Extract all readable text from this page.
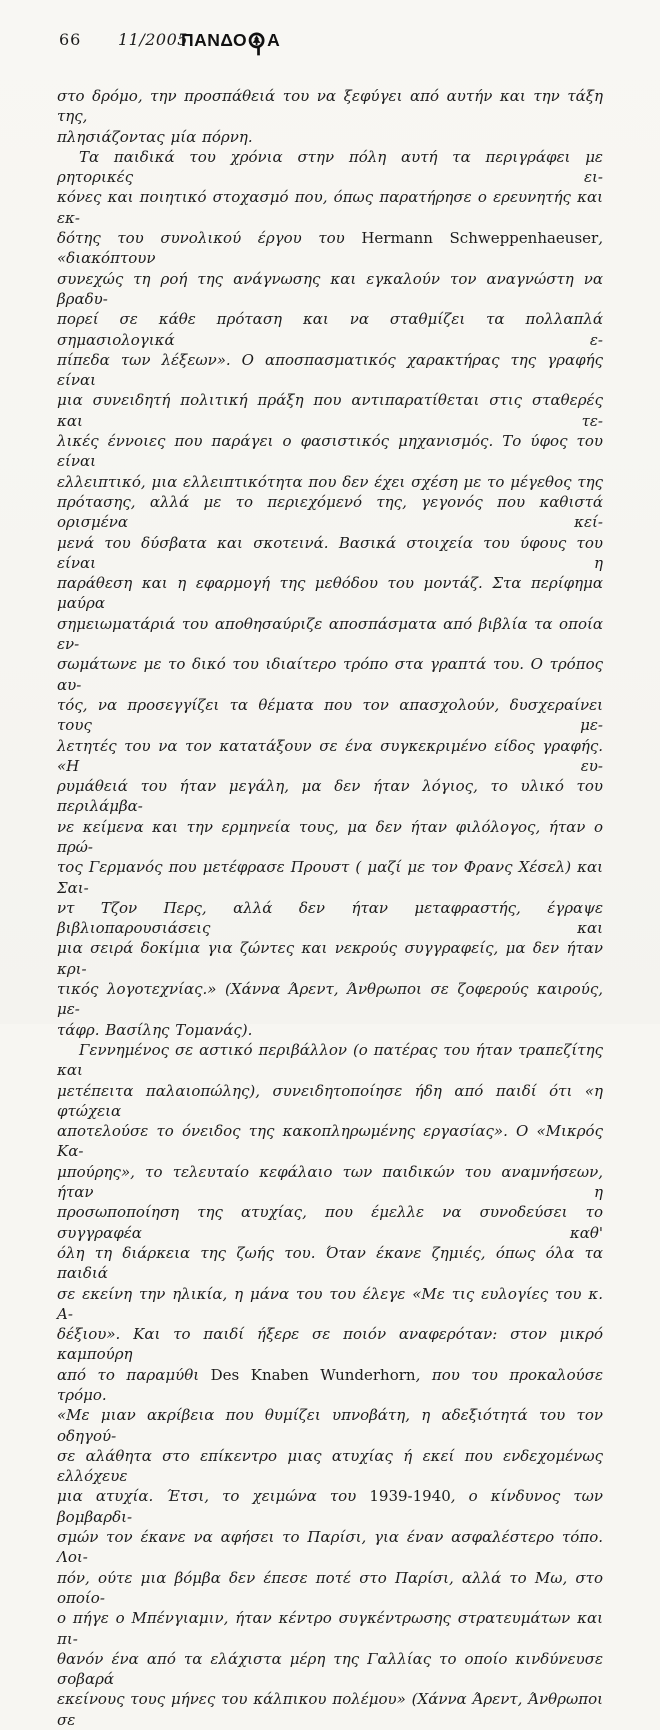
66 11/2005
ΠΑΝΔΟ Α
στο δρόμο, την προσπάθειά του να ξεφύγει από αυτήν και την τάξη της,
πλησιάζοντας μία πόρνη.
Τα παιδικά του χρόνια στην πόλη αυτή τα περιγράφει με ρητορικές ει-
κόνες και ποιητικό στοχασμό που, όπως παρατήρησε ο ερευνητής και εκ-
δότης του συνολικού έργου του Hermann Schweppenhaeuser, «διακόπτουν
συνεχώς τη ροή της ανάγνωσης και εγκαλούν τον αναγνώστη να βραδυ-
πορεί σε κάθε πρόταση και να σταθμίζει τα πολλαπλά σημασιολογικά ε-
πίπεδα των λέξεων». Ο αποσπασματικός χαρακτήρας της γραφής είναι
μια συνειδητή πολιτική πράξη που αντιπαρατίθεται στις σταθερές και τε-
λικές έννοιες που παράγει ο φασιστικός μηχανισμός. Το ύφος του είναι
ελλειπτικό, μια ελλειπτικότητα που δεν έχει σχέση με το μέγεθος της
πρότασης, αλλά με το περιεχόμενό της, γεγονός που καθιστά ορισμένα κεί-
μενά του δύσβατα και σκοτεινά. Βασικά στοιχεία του ύφους του είναι η
παράθεση και η εφαρμογή της μεθόδου του μοντάζ. Στα περίφημα μαύρα
σημειωματάριά του αποθησαύριζε αποσπάσματα από βιβλία τα οποία εν-
σωμάτωνε με το δικό του ιδιαίτερο τρόπο στα γραπτά του. Ο τρόπος αυ-
τός, να προσεγγίζει τα θέματα που τον απασχολούν, δυσχεραίνει τους με-
λετητές του να τον κατατάξουν σε ένα συγκεκριμένο είδος γραφής. «Η ευ-
ρυμάθειά του ήταν μεγάλη, μα δεν ήταν λόγιος, το υλικό του περιλάμβα-
νε κείμενα και την ερμηνεία τους, μα δεν ήταν φιλόλογος, ήταν ο πρώ-
τος Γερμανός που μετέφρασε Προυστ ( μαζί με τον Φρανς Χέσελ) και Σαι-
ντ Τζον Περς, αλλά δεν ήταν μεταφραστής, έγραψε βιβλιοπαρουσιάσεις και
μια σειρά δοκίμια για ζώντες και νεκρούς συγγραφείς, μα δεν ήταν κρι-
τικός λογοτεχνίας.» (Χάννα Άρεντ, Άνθρωποι σε ζοφερούς καιρούς, με-
τάφρ. Βασίλης Τομανάς).
Γεννημένος σε αστικό περιβάλλον (ο πατέρας του ήταν τραπεζίτης και
μετέπειτα παλαιοπώλης), συνειδητοποίησε ήδη από παιδί ότι «η φτώχεια
αποτελούσε το όνειδος της κακοπληρωμένης εργασίας». Ο «Μικρός Κα-
μπούρης», το τελευταίο κεφάλαιο των παιδικών του αναμνήσεων, ήταν η
προσωποποίηση της ατυχίας, που έμελλε να συνοδεύσει το συγγραφέα καθ'
όλη τη διάρκεια της ζωής του. Όταν έκανε ζημιές, όπως όλα τα παιδιά
σε εκείνη την ηλικία, η μάνα του του έλεγε «Με τις ευλογίες του κ. Α-
δέξιου». Και το παιδί ήξερε σε ποιόν αναφερόταν: στον μικρό καμπούρη
από το παραμύθι Des Knaben Wunderhorn, που του προκαλούσε τρόμο.
«Με μιαν ακρίβεια που θυμίζει υπνοβάτη, η αδεξιότητά του τον οδηγού-
σε αλάθητα στο επίκεντρο μιας ατυχίας ή εκεί που ενδεχομένως ελλόχευε
μια ατυχία. Έτσι, το χειμώνα του 1939-1940, ο κίνδυνος των βομβαρδι-
σμών τον έκανε να αφήσει το Παρίσι, για έναν ασφαλέστερο τόπο. Λοι-
πόν, ούτε μια βόμβα δεν έπεσε ποτέ στο Παρίσι, αλλά το Μω, στο οποίο-
ο πήγε ο Μπένγιαμιν, ήταν κέντρο συγκέντρωσης στρατευμάτων και πι-
θανόν ένα από τα ελάχιστα μέρη της Γαλλίας το οποίο κινδύνευσε σοβαρά
εκείνους τους μήνες του κάλπικου πολέμου» (Χάννα Άρεντ, Άνθρωποι σε
